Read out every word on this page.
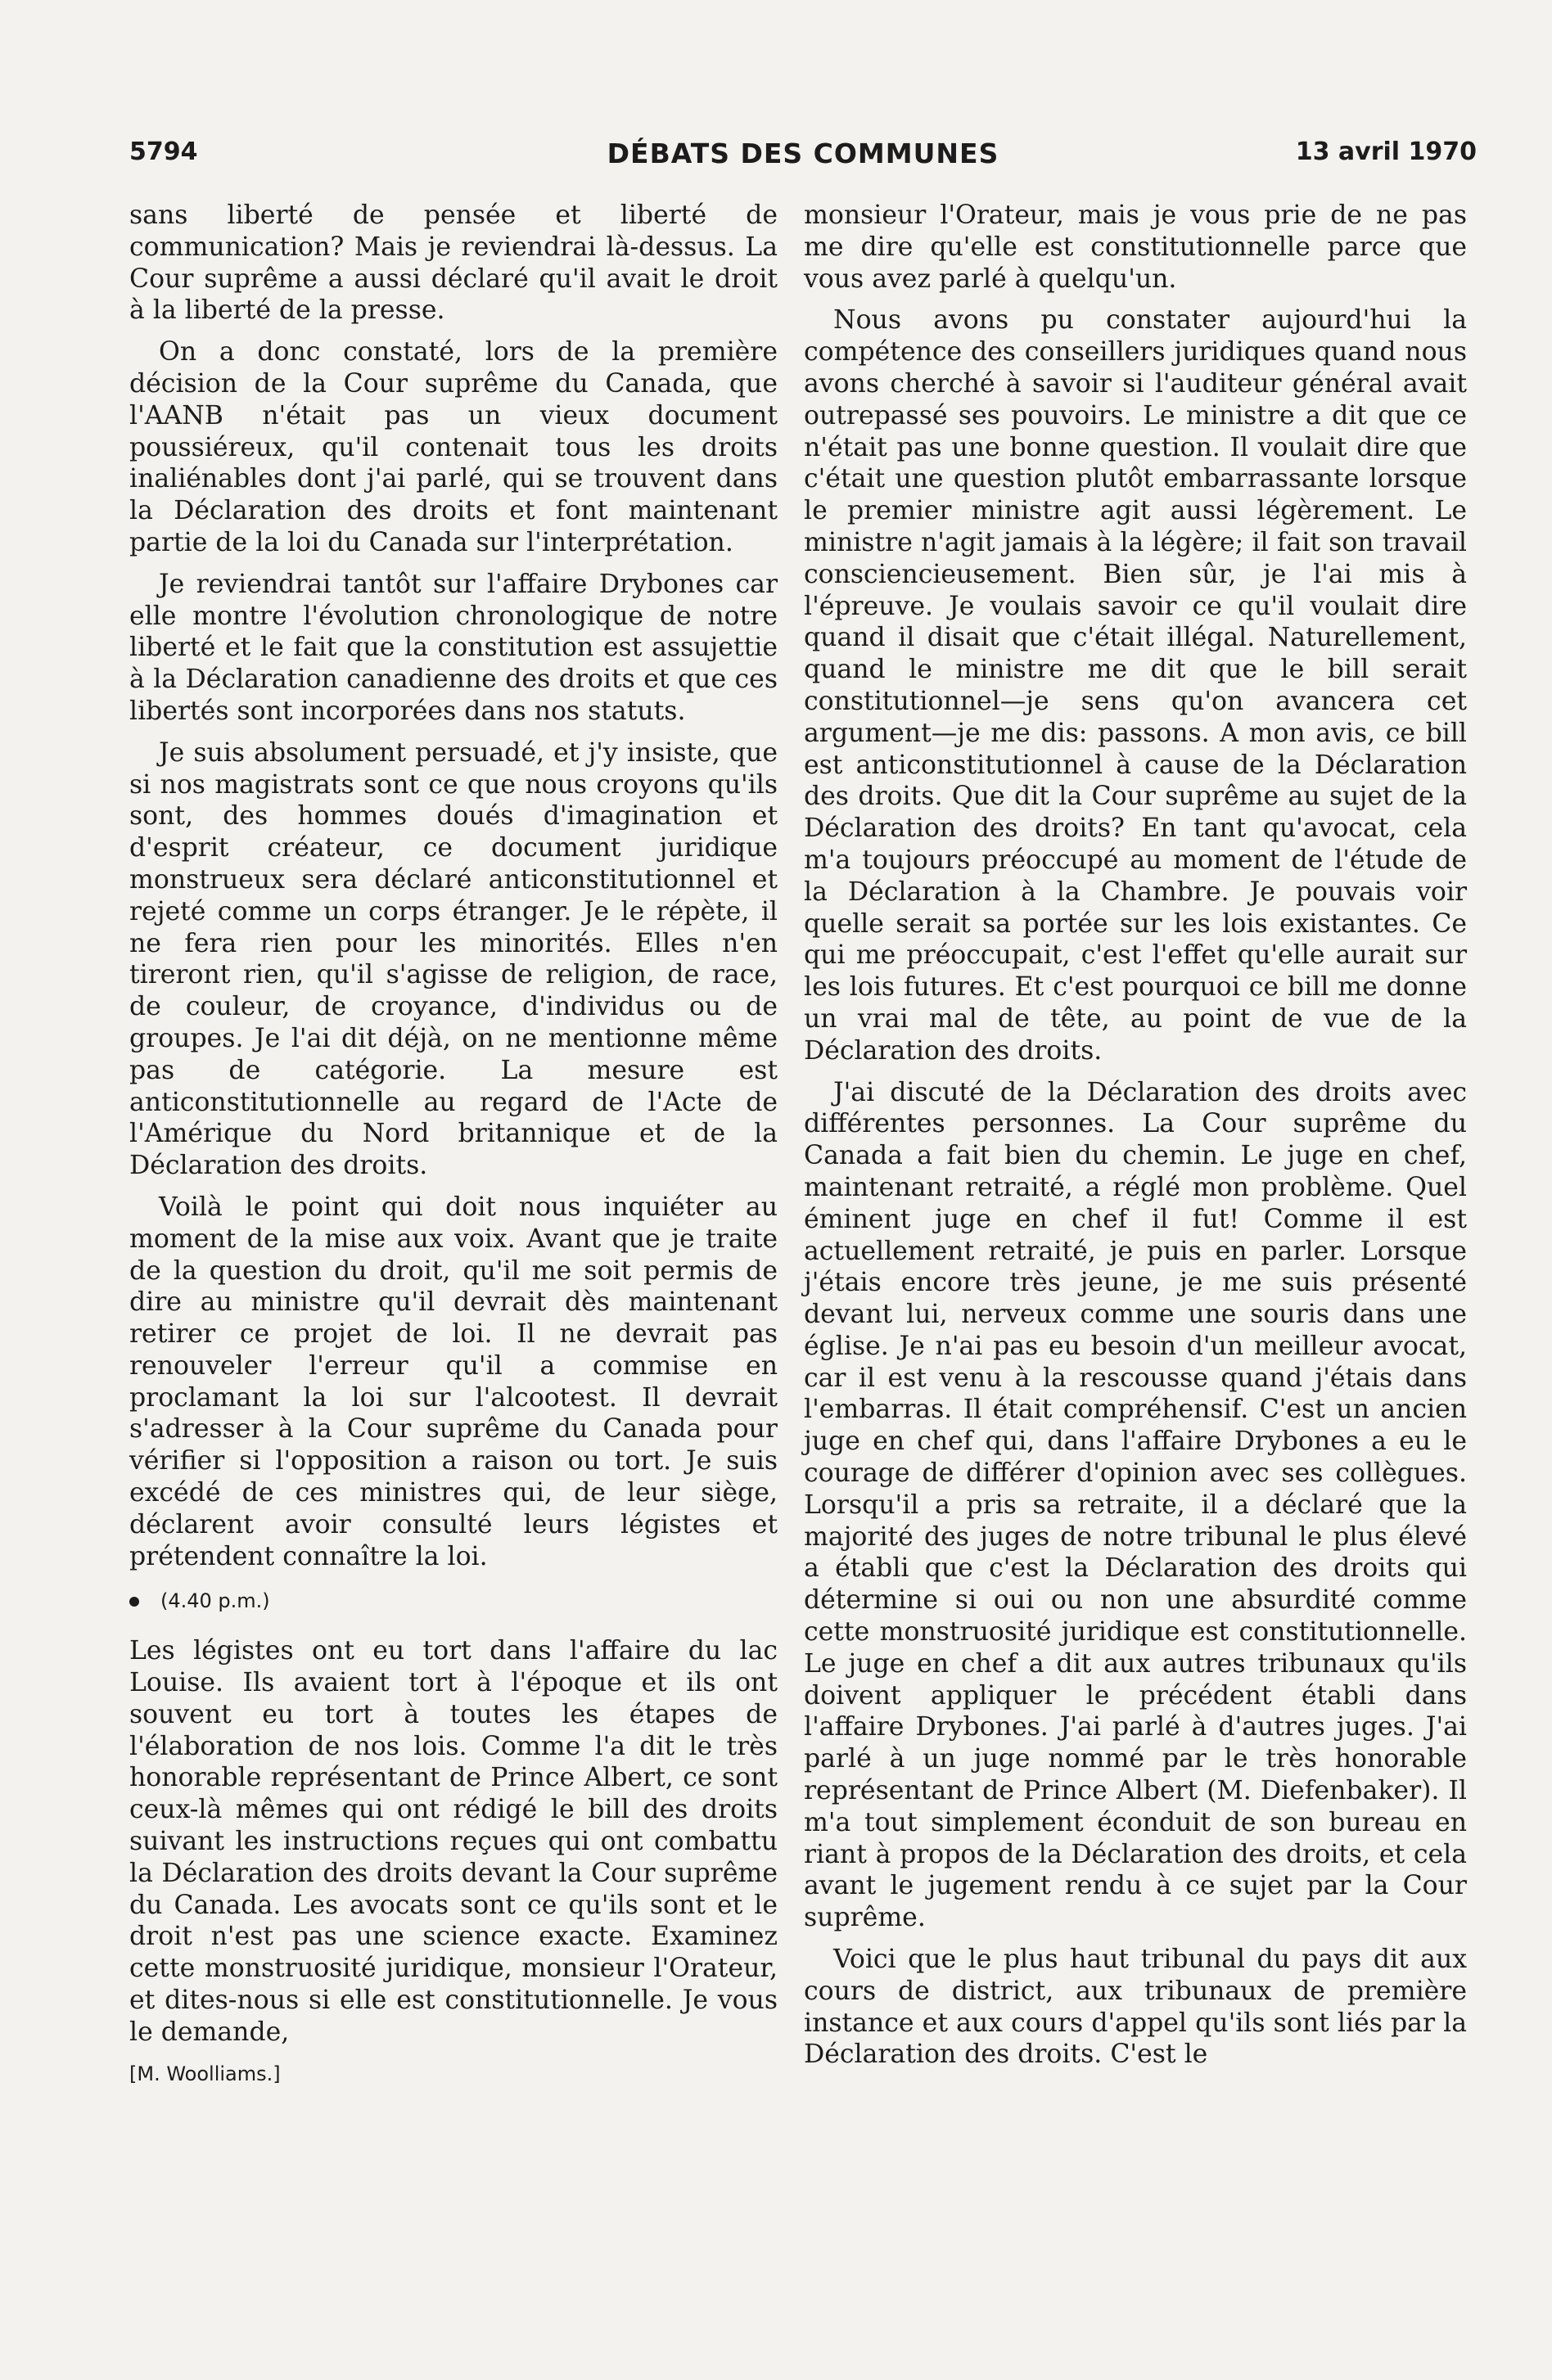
5794	DÉBATS DES COMMUNES	13 avril 1970

sans liberté de pensée et liberté de communication? Mais je reviendrai là-dessus. La Cour suprême a aussi déclaré qu'il avait le droit à la liberté de la presse.

On a donc constaté, lors de la première décision de la Cour suprême du Canada, que l'AANB n'était pas un vieux document poussiéreux, qu'il contenait tous les droits inaliénables dont j'ai parlé, qui se trouvent dans la Déclaration des droits et font maintenant partie de la loi du Canada sur l'interprétation.

Je reviendrai tantôt sur l'affaire Drybones car elle montre l'évolution chronologique de notre liberté et le fait que la constitution est assujettie à la Déclaration canadienne des droits et que ces libertés sont incorporées dans nos statuts.

Je suis absolument persuadé, et j'y insiste, que si nos magistrats sont ce que nous croyons qu'ils sont, des hommes doués d'imagination et d'esprit créateur, ce document juridique monstrueux sera déclaré anticonstitutionnel et rejeté comme un corps étranger. Je le répète, il ne fera rien pour les minorités. Elles n'en tireront rien, qu'il s'agisse de religion, de race, de couleur, de croyance, d'individus ou de groupes. Je l'ai dit déjà, on ne mentionne même pas de catégorie. La mesure est anticonstitutionnelle au regard de l'Acte de l'Amérique du Nord britannique et de la Déclaration des droits.

Voilà le point qui doit nous inquiéter au moment de la mise aux voix. Avant que je traite de la question du droit, qu'il me soit permis de dire au ministre qu'il devrait dès maintenant retirer ce projet de loi. Il ne devrait pas renouveler l'erreur qu'il a commise en proclamant la loi sur l'alcootest. Il devrait s'adresser à la Cour suprême du Canada pour vérifier si l'opposition a raison ou tort. Je suis excédé de ces ministres qui, de leur siège, déclarent avoir consulté leurs légistes et prétendent connaître la loi.

(4.40 p.m.)

Les légistes ont eu tort dans l'affaire du lac Louise. Ils avaient tort à l'époque et ils ont souvent eu tort à toutes les étapes de l'élaboration de nos lois. Comme l'a dit le très honorable représentant de Prince Albert, ce sont ceux-là mêmes qui ont rédigé le bill des droits suivant les instructions reçues qui ont combattu la Déclaration des droits devant la Cour suprême du Canada. Les avocats sont ce qu'ils sont et le droit n'est pas une science exacte. Examinez cette monstruosité juridique, monsieur l'Orateur, et dites-nous si elle est constitutionnelle. Je vous le demande,

[M. Woolliams.]

monsieur l'Orateur, mais je vous prie de ne pas me dire qu'elle est constitutionnelle parce que vous avez parlé à quelqu'un.

Nous avons pu constater aujourd'hui la compétence des conseillers juridiques quand nous avons cherché à savoir si l'auditeur général avait outrepassé ses pouvoirs. Le ministre a dit que ce n'était pas une bonne question. Il voulait dire que c'était une question plutôt embarrassante lorsque le premier ministre agit aussi légèrement. Le ministre n'agit jamais à la légère; il fait son travail consciencieusement. Bien sûr, je l'ai mis à l'épreuve. Je voulais savoir ce qu'il voulait dire quand il disait que c'était illégal. Naturellement, quand le ministre me dit que le bill serait constitutionnel—je sens qu'on avancera cet argument—je me dis: passons. A mon avis, ce bill est anticonstitutionnel à cause de la Déclaration des droits. Que dit la Cour suprême au sujet de la Déclaration des droits? En tant qu'avocat, cela m'a toujours préoccupé au moment de l'étude de la Déclaration à la Chambre. Je pouvais voir quelle serait sa portée sur les lois existantes. Ce qui me préoccupait, c'est l'effet qu'elle aurait sur les lois futures. Et c'est pourquoi ce bill me donne un vrai mal de tête, au point de vue de la Déclaration des droits.

J'ai discuté de la Déclaration des droits avec différentes personnes. La Cour suprême du Canada a fait bien du chemin. Le juge en chef, maintenant retraité, a réglé mon problème. Quel éminent juge en chef il fut! Comme il est actuellement retraité, je puis en parler. Lorsque j'étais encore très jeune, je me suis présenté devant lui, nerveux comme une souris dans une église. Je n'ai pas eu besoin d'un meilleur avocat, car il est venu à la rescousse quand j'étais dans l'embarras. Il était compréhensif. C'est un ancien juge en chef qui, dans l'affaire Drybones a eu le courage de différer d'opinion avec ses collègues. Lorsqu'il a pris sa retraite, il a déclaré que la majorité des juges de notre tribunal le plus élevé a établi que c'est la Déclaration des droits qui détermine si oui ou non une absurdité comme cette monstruosité juridique est constitutionnelle. Le juge en chef a dit aux autres tribunaux qu'ils doivent appliquer le précédent établi dans l'affaire Drybones. J'ai parlé à d'autres juges. J'ai parlé à un juge nommé par le très honorable représentant de Prince Albert (M. Diefenbaker). Il m'a tout simplement éconduit de son bureau en riant à propos de la Déclaration des droits, et cela avant le jugement rendu à ce sujet par la Cour suprême.

Voici que le plus haut tribunal du pays dit aux cours de district, aux tribunaux de première instance et aux cours d'appel qu'ils sont liés par la Déclaration des droits. C'est le
